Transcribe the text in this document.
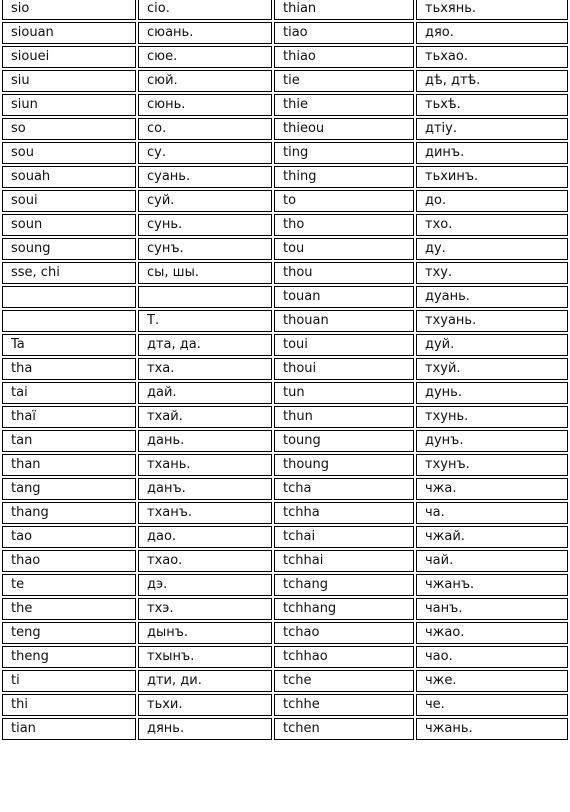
sio	сіо.	thian	тьхянь.
siouan	сюань.	tiao	дяо.
siouei	сюе.	thiao	тьхао.
siu	сюй.	tie	дѣ, дтѣ.
siun	сюнь.	thie	тьхѣ.
so	со.	thieou	дтіу.
sou	су.	ting	динъ.
souah	суань.	thing	тьхинъ.
soui	суй.	to	до.
soun	сунь.	tho	тхо.
soung	сунъ.	tou	ду.
sse, chi	сы, шы.	thou	тху.
		touan	дуань.
	Т.	thouan	тхуань.
Ta	дта, да.	toui	дуй.
tha	тха.	thoui	тхуй.
tai	дай.	tun	дунь.
thaï	тхай.	thun	тхунь.
tan	дань.	toung	дунъ.
than	тхань.	thoung	тхунъ.
tang	данъ.	tcha	чжа.
thang	тханъ.	tchha	ча.
tao	дао.	tchai	чжай.
thao	тхао.	tchhai	чай.
te	дэ.	tchang	чжанъ.
the	тхэ.	tchhang	чанъ.
teng	дынъ.	tchao	чжао.
theng	тхынъ.	tchhao	чао.
ti	дти, ди.	tche	чже.
thi	тьхи.	tchhe	че.
tian	дянь.	tchen	чжань.
